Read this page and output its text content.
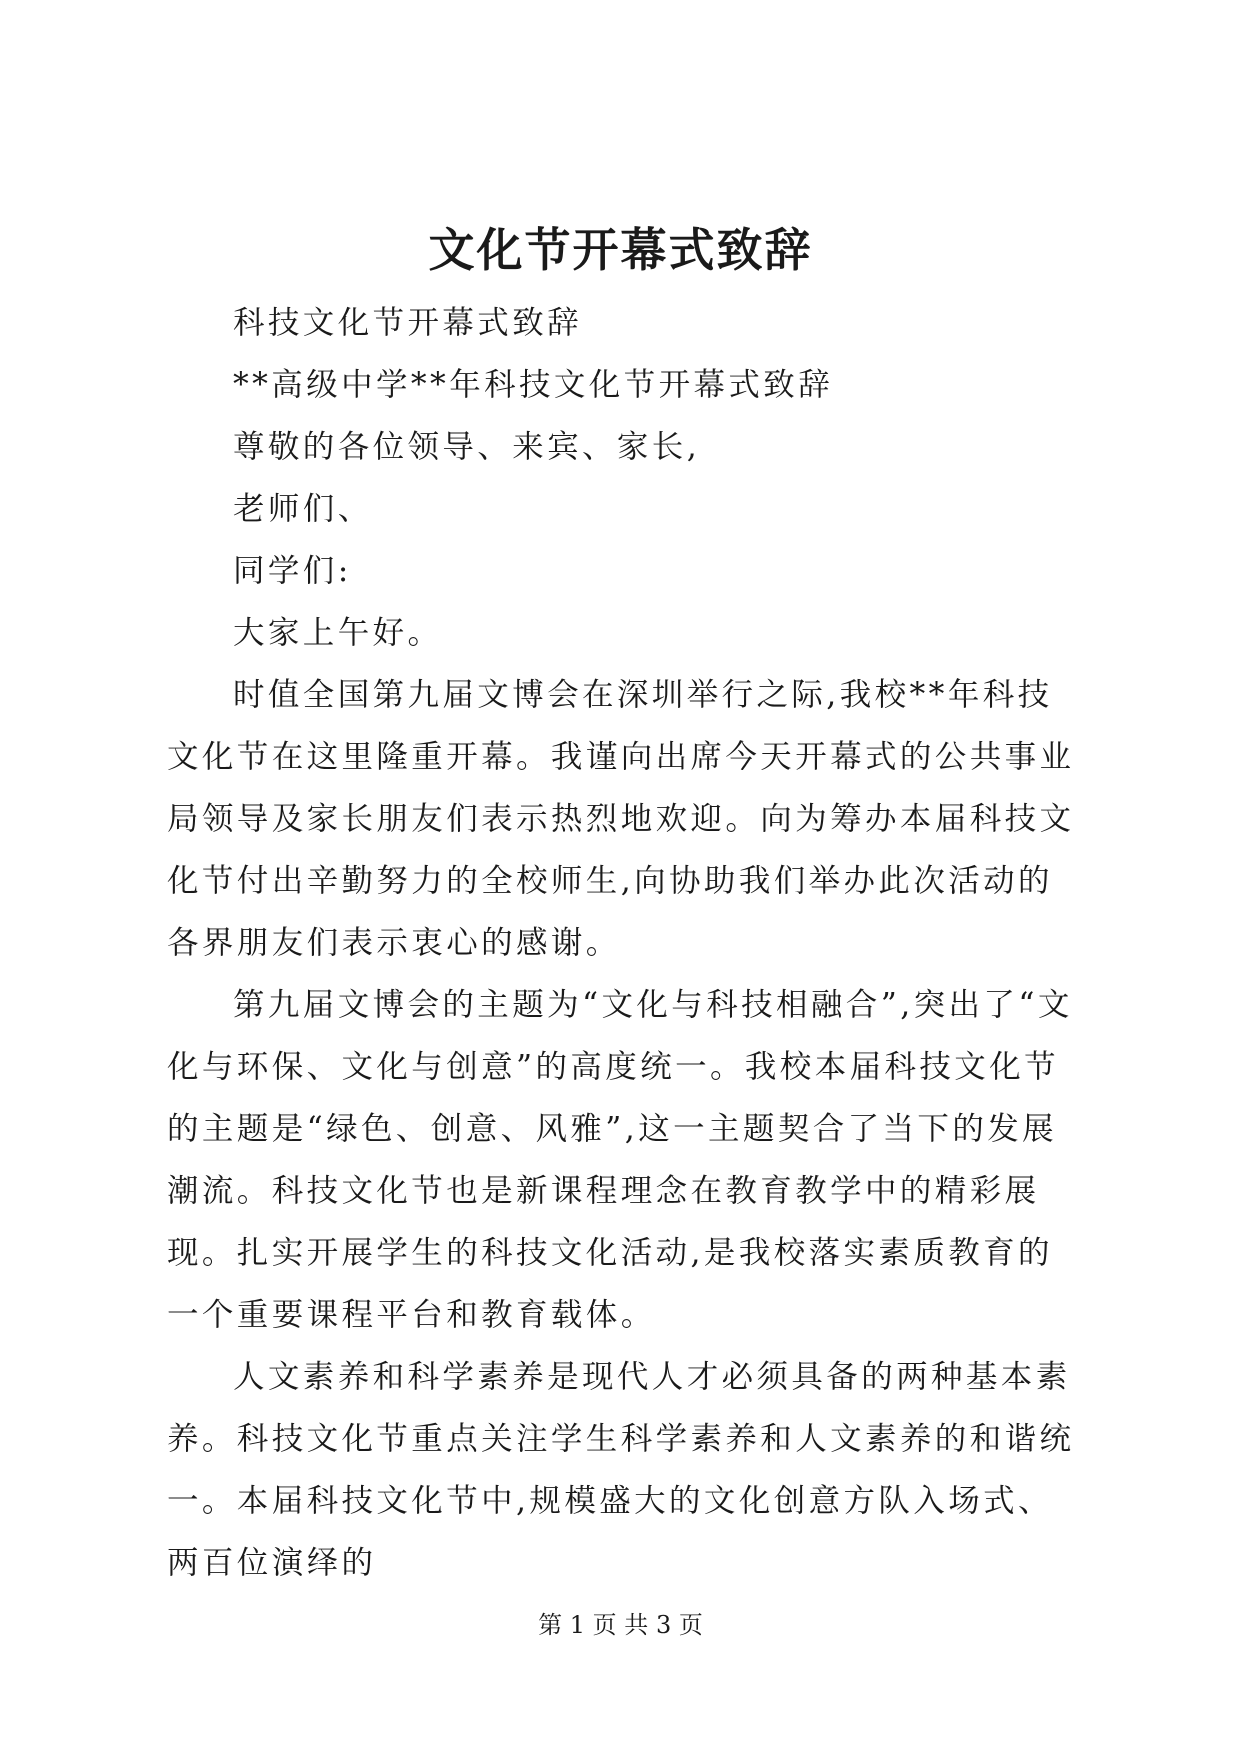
文化节开幕式致辞

科技文化节开幕式致辞

**高级中学**年科技文化节开幕式致辞

尊敬的各位领导、来宾、家长,

老师们、

同学们:

大家上午好。

时值全国第九届文博会在深圳举行之际,我校**年科技文化节在这里隆重开幕。我谨向出席今天开幕式的公共事业局领导及家长朋友们表示热烈地欢迎。向为筹办本届科技文化节付出辛勤努力的全校师生,向协助我们举办此次活动的各界朋友们表示衷心的感谢。

第九届文博会的主题为“文化与科技相融合”,突出了“文化与环保、文化与创意”的高度统一。我校本届科技文化节的主题是“绿色、创意、风雅”,这一主题契合了当下的发展潮流。科技文化节也是新课程理念在教育教学中的精彩展现。扎实开展学生的科技文化活动,是我校落实素质教育的一个重要课程平台和教育载体。

人文素养和科学素养是现代人才必须具备的两种基本素养。科技文化节重点关注学生科学素养和人文素养的和谐统一。本届科技文化节中,规模盛大的文化创意方队入场式、两百位演绎的

第 1 页 共 3 页
